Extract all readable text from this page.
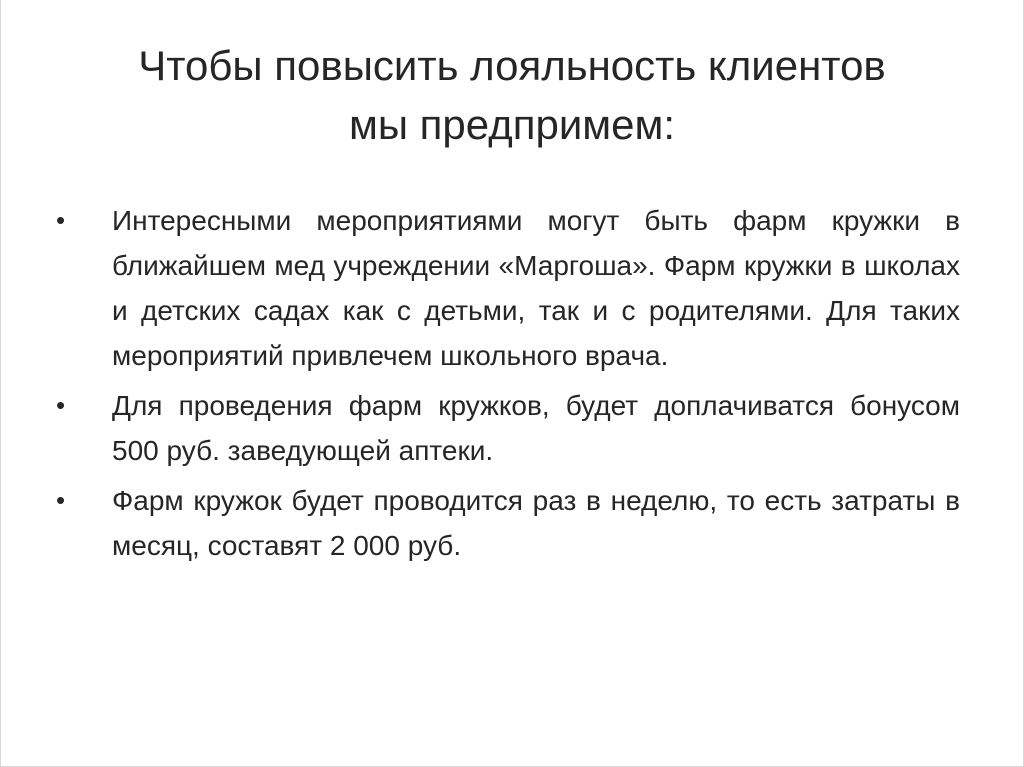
Чтобы повысить лояльность клиентов
мы предпримем:
• Интересными мероприятиями могут быть фарм кружки в ближайшем мед учреждении «Маргоша». Фарм кружки в школах и детских садах как с детьми, так и с родителями. Для таких мероприятий привлечем школьного врача.
• Для проведения фарм кружков, будет доплачиватся бонусом 500 руб. заведующей аптеки.
• Фарм кружок будет проводится раз в неделю, то есть затраты в месяц, составят 2 000 руб.
